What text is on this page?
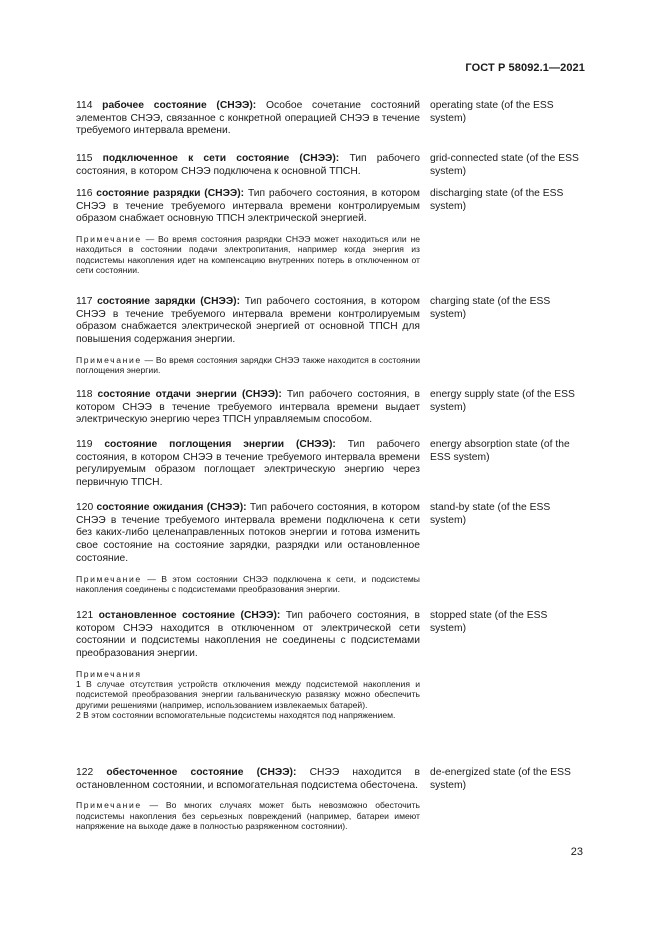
ГОСТ Р 58092.1—2021

114 рабочее состояние (СНЭЭ): Особое сочетание состояний элементов СНЭЭ, связанное с конкретной операцией СНЭЭ в течение требуемого интервала времени.

operating state (of the ESS system)

115 подключенное к сети состояние (СНЭЭ): Тип рабочего состояния, в котором СНЭЭ подключена к основной ТПСН.

grid-connected state (of the ESS system)

116 состояние разрядки (СНЭЭ): Тип рабочего состояния, в котором СНЭЭ в течение требуемого интервала времени контролируемым образом снабжает основную ТПСН электрической энергией.

Примечание — Во время состояния разрядки СНЭЭ может находиться или не находиться в состоянии подачи электропитания, например когда энергия из подсистемы накопления идет на компенсацию внутренних потерь в отключенном от сети состоянии.

discharging state (of the ESS system)

117 состояние зарядки (СНЭЭ): Тип рабочего состояния, в котором СНЭЭ в течение требуемого интервала времени контролируемым образом снабжается электрической энергией от основной ТПСН для повышения содержания энергии.

Примечание — Во время состояния зарядки СНЭЭ также находится в состоянии поглощения энергии.

charging state (of the ESS system)

118 состояние отдачи энергии (СНЭЭ): Тип рабочего состояния, в котором СНЭЭ в течение требуемого интервала времени выдает электрическую энергию через ТПСН управляемым способом.

energy supply state (of the ESS system)

119 состояние поглощения энергии (СНЭЭ): Тип рабочего состояния, в котором СНЭЭ в течение требуемого интервала времени регулируемым образом поглощает электрическую энергию через первичную ТПСН.

energy absorption state (of the ESS system)

120 состояние ожидания (СНЭЭ): Тип рабочего состояния, в котором СНЭЭ в течение требуемого интервала времени подключена к сети без каких-либо целенаправленных потоков энергии и готова изменить свое состояние на состояние зарядки, разрядки или остановленное состояние.

Примечание — В этом состоянии СНЭЭ подключена к сети, и подсистемы накопления соединены с подсистемами преобразования энергии.

stand-by state (of the ESS system)

121 остановленное состояние (СНЭЭ): Тип рабочего состояния, в котором СНЭЭ находится в отключенном от электрической сети состоянии и подсистемы накопления не соединены с подсистемами преобразования энергии.

Примечания

1 В случае отсутствия устройств отключения между подсистемой накопления и подсистемой преобразования энергии гальваническую развязку можно обеспечить другими решениями (например, использованием извлекаемых батарей).

2 В этом состоянии вспомогательные подсистемы находятся под напряжением.

stopped state (of the ESS system)

122 обесточенное состояние (СНЭЭ): СНЭЭ находится в остановленном состоянии, и вспомогательная подсистема обесточена.

Примечание — Во многих случаях может быть невозможно обесточить подсистемы накопления без серьезных повреждений (например, батареи имеют напряжение на выходе даже в полностью разряженном состоянии).

de-energized state (of the ESS system)
23
